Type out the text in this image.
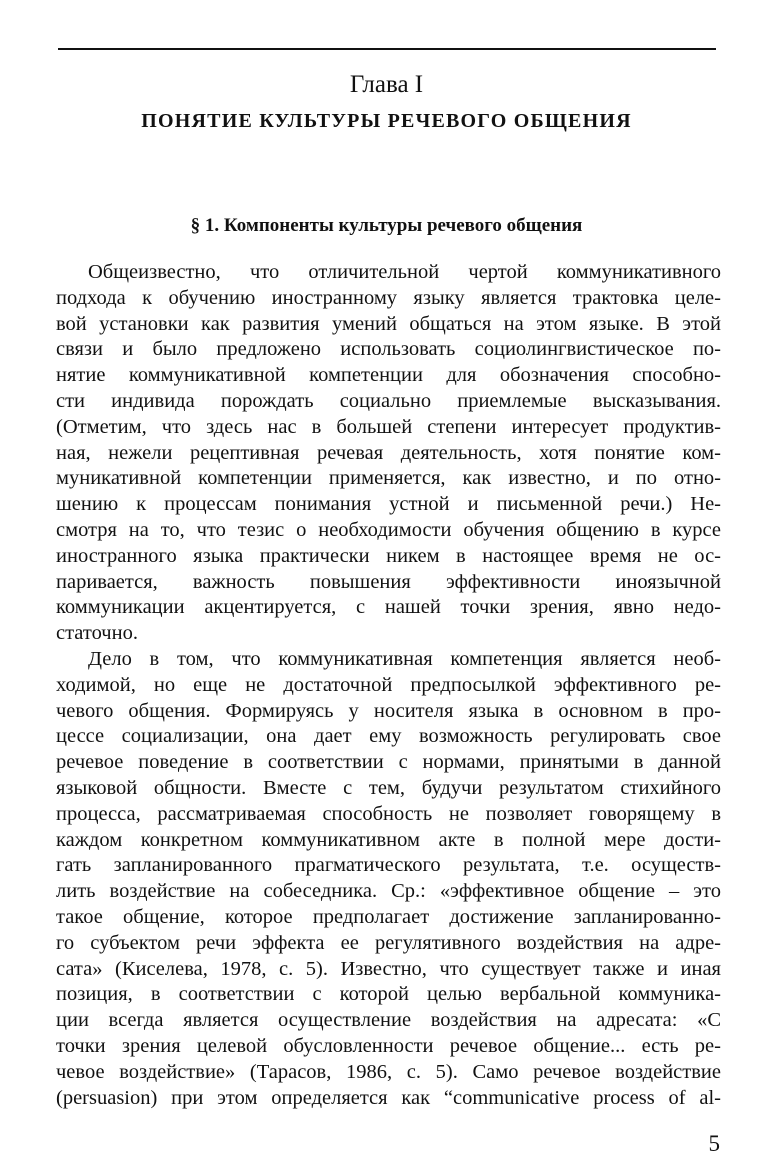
Глава I
ПОНЯТИЕ КУЛЬТУРЫ РЕЧЕВОГО ОБЩЕНИЯ
§ 1. Компоненты культуры речевого общения
Общеизвестно, что отличительной чертой коммуникативного
подхода к обучению иностранному языку является трактовка целе-
вой установки как развития умений общаться на этом языке. В этой
связи и было предложено использовать социолингвистическое по-
нятие коммуникативной компетенции для обозначения способно-
сти индивида порождать социально приемлемые высказывания.
(Отметим, что здесь нас в большей степени интересует продуктив-
ная, нежели рецептивная речевая деятельность, хотя понятие ком-
муникативной компетенции применяется, как известно, и по отно-
шению к процессам понимания устной и письменной речи.) Не-
смотря на то, что тезис о необходимости обучения общению в курсе
иностранного языка практически никем в настоящее время не ос-
паривается, важность повышения эффективности иноязычной
коммуникации акцентируется, с нашей точки зрения, явно недо-
статочно.
Дело в том, что коммуникативная компетенция является необ-
ходимой, но еще не достаточной предпосылкой эффективного ре-
чевого общения. Формируясь у носителя языка в основном в про-
цессе социализации, она дает ему возможность регулировать свое
речевое поведение в соответствии с нормами, принятыми в данной
языковой общности. Вместе с тем, будучи результатом стихийного
процесса, рассматриваемая способность не позволяет говорящему в
каждом конкретном коммуникативном акте в полной мере дости-
гать запланированного прагматического результата, т.е. осуществ-
лить воздействие на собеседника. Ср.: «эффективное общение – это
такое общение, которое предполагает достижение запланированно-
го субъектом речи эффекта ее регулятивного воздействия на адре-
сата» (Киселева, 1978, с. 5). Известно, что существует также и иная
позиция, в соответствии с которой целью вербальной коммуника-
ции всегда является осуществление воздействия на адресата: «С
точки зрения целевой обусловленности речевое общение... есть ре-
чевое воздействие» (Тарасов, 1986, с. 5). Само речевое воздействие
(persuasion) при этом определяется как “communicative process of al-
5
